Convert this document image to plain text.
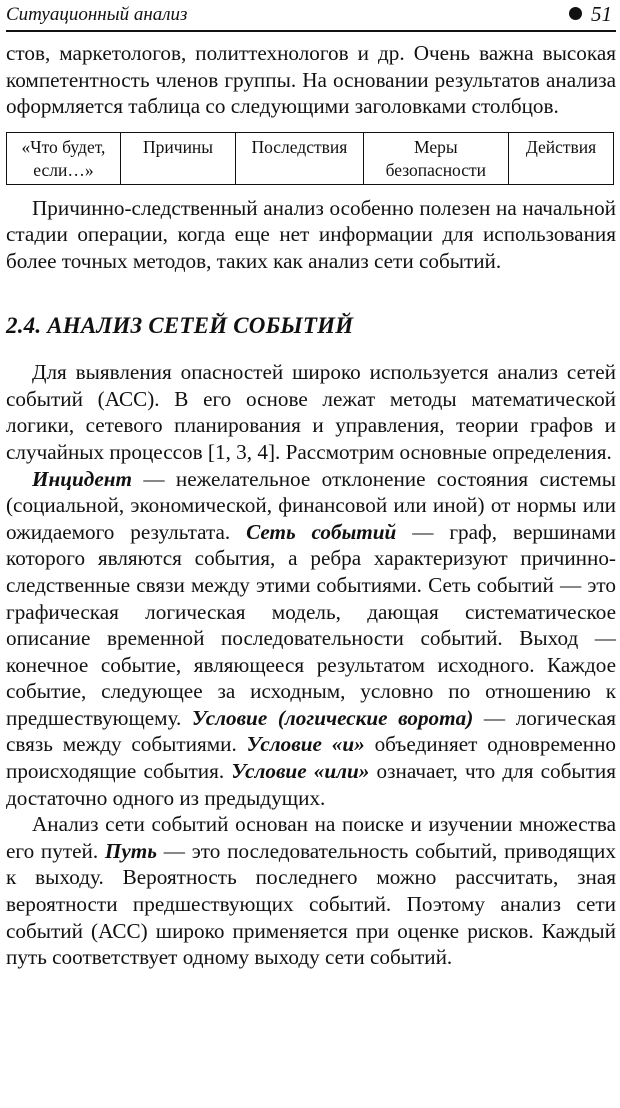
Ситуационный анализ	51

стов, маркетологов, политтехнологов и др. Очень важна высокая компетентность членов группы. На основании результатов анализа оформляется таблица со следующими заголовками столбцов.

«Что будет, если…»	Причины	Последствия	Меры безопасности	Действия

Причинно-следственный анализ особенно полезен на начальной стадии операции, когда еще нет информации для использования более точных методов, таких как анализ сети событий.

2.4. АНАЛИЗ СЕТЕЙ СОБЫТИЙ

Для выявления опасностей широко используется анализ сетей событий (АСС). В его основе лежат методы математической логики, сетевого планирования и управления, теории графов и случайных процессов [1, 3, 4]. Рассмотрим основные определения.

Инцидент — нежелательное отклонение состояния системы (социальной, экономической, финансовой или иной) от нормы или ожидаемого результата. Сеть событий — граф, вершинами которого являются события, а ребра характеризуют причинно-следственные связи между этими событиями. Сеть событий — это графическая логическая модель, дающая систематическое описание временной последовательности событий. Выход — конечное событие, являющееся результатом исходного. Каждое событие, следующее за исходным, условно по отношению к предшествующему. Условие (логические ворота) — логическая связь между событиями. Условие «и» объединяет одновременно происходящие события. Условие «или» означает, что для события достаточно одного из предыдущих.

Анализ сети событий основан на поиске и изучении множества его путей. Путь — это последовательность событий, приводящих к выходу. Вероятность последнего можно рассчитать, зная вероятности предшествующих событий. Поэтому анализ сети событий (АСС) широко применяется при оценке рисков. Каждый путь соответствует одному выходу сети событий.
